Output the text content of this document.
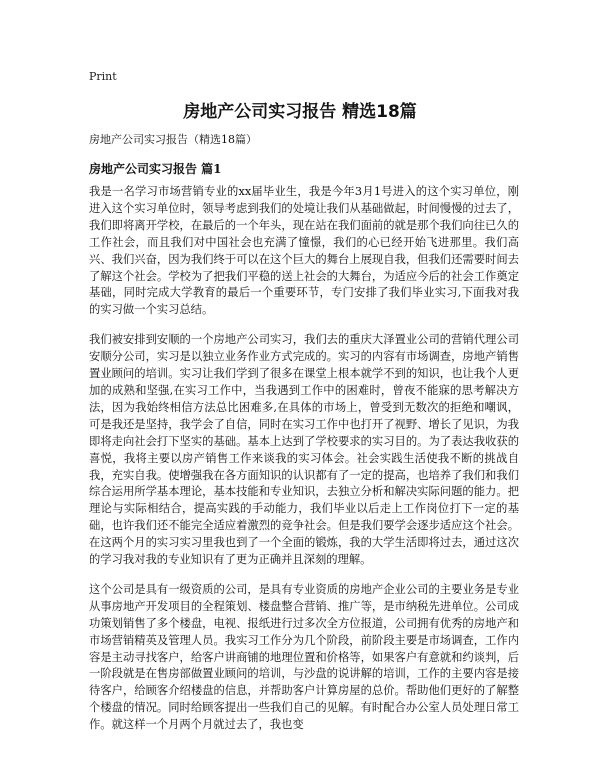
Print
房地产公司实习报告 精选18篇
房地产公司实习报告（精选18篇）
房地产公司实习报告 篇1

我是一名学习市场营销专业的xx届毕业生，我是今年3月1号进入的这个实习单位，刚进入这个实习单位时，领导考虑到我们的处境让我们从基础做起，时间慢慢的过去了，我们即将离开学校，在最后的一个年头，现在站在我们面前的就是那个我们向往已久的工作社会，而且我们对中国社会也充满了憧憬，我们的心已经开始飞进那里。我们高兴、我们兴奋，因为我们终于可以在这个巨大的舞台上展现自我，但我们还需要时间去了解这个社会。学校为了把我们平稳的送上社会的大舞台，为适应今后的社会工作奠定基础，同时完成大学教育的最后一个重要环节，专门安排了我们毕业实习,下面我对我的实习做一个实习总结。

我们被安排到安顺的一个房地产公司实习，我们去的重庆大泽置业公司的营销代理公司安顺分公司，实习是以独立业务作业方式完成的。实习的内容有市场调查，房地产销售置业顾问的培训。实习让我们学到了很多在课堂上根本就学不到的知识，也让我个人更加的成熟和坚强,在实习工作中，当我遇到工作中的困难时，曾夜不能寐的思考解决方法，因为我始终相信方法总比困难多,在具体的市场上，曾受到无数次的拒绝和嘲讽，可是我还是坚持，我学会了自信，同时在实习工作中也打开了视野、增长了见识，为我即将走向社会打下坚实的基础。基本上达到了学校要求的实习目的。为了表达我收获的喜悦，我将主要以房产销售工作来谈我的实习体会。社会实践生活使我不断的挑战自我，充实自我。使增强我在各方面知识的认识都有了一定的提高，也培养了我们和我们综合运用所学基本理论，基本技能和专业知识，去独立分析和解决实际问题的能力。把理论与实际相结合，提高实践的手动能力，我们毕业以后走上工作岗位打下一定的基础，也许我们还不能完全适应着激烈的竞争社会。但是我们要学会逐步适应这个社会。在这两个月的实习实习里我也到了一个全面的锻炼，我的大学生活即将过去，通过这次的学习我对我的专业知识有了更为正确并且深刻的理解。

这个公司是具有一级资质的公司，是具有专业资质的房地产企业公司的主要业务是专业从事房地产开发项目的全程策划、楼盘整合营销、推广等，是市纳税先进单位。公司成功策划销售了多个楼盘，电视、报纸进行过多次全方位报道，公司拥有优秀的房地产和市场营销精英及管理人员。我实习工作分为几个阶段，前阶段主要是市场调查，工作内容是主动寻找客户，给客户讲商铺的地理位置和价格等，如果客户有意就和约谈判，后一阶段就是在售房部做置业顾问的培训，与沙盘的说讲解的培训，工作的主要内容是接待客户，给顾客介绍楼盘的信息，并帮助客户计算房屋的总价。帮助他们更好的了解整个楼盘的情况。同时给顾客提出一些我们自己的见解。有时配合办公室人员处理日常工作。就这样一个月两个月就过去了，我也变
